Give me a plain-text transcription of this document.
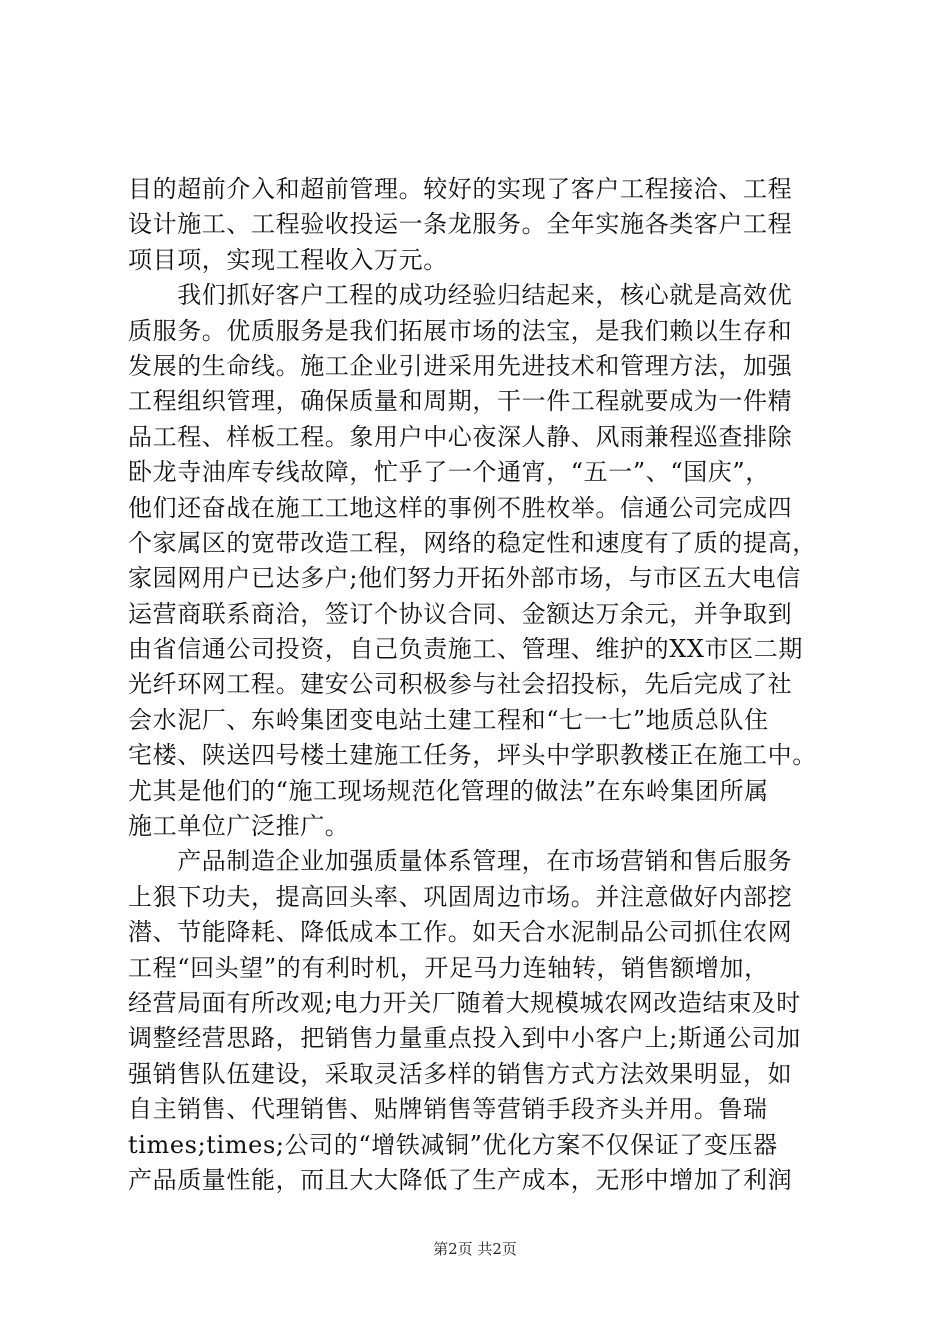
目的超前介入和超前管理。较好的实现了客户工程接洽、工程
设计施工、工程验收投运一条龙服务。全年实施各类客户工程
项目项，实现工程收入万元。
　　我们抓好客户工程的成功经验归结起来，核心就是高效优
质服务。优质服务是我们拓展市场的法宝，是我们赖以生存和
发展的生命线。施工企业引进采用先进技术和管理方法，加强
工程组织管理，确保质量和周期，干一件工程就要成为一件精
品工程、样板工程。象用户中心夜深人静、风雨兼程巡查排除
卧龙寺油库专线故障，忙乎了一个通宵，“五一”、“国庆”，
他们还奋战在施工工地这样的事例不胜枚举。信通公司完成四
个家属区的宽带改造工程，网络的稳定性和速度有了质的提高，
家园网用户已达多户;他们努力开拓外部市场，与市区五大电信
运营商联系商洽，签订个协议合同、金额达万余元，并争取到
由省信通公司投资，自己负责施工、管理、维护的XX市区二期
光纤环网工程。建安公司积极参与社会招投标，先后完成了社
会水泥厂、东岭集团变电站土建工程和“七一七”地质总队住
宅楼、陕送四号楼土建施工任务，坪头中学职教楼正在施工中。
尤其是他们的“施工现场规范化管理的做法”在东岭集团所属
施工单位广泛推广。
　　产品制造企业加强质量体系管理，在市场营销和售后服务
上狠下功夫，提高回头率、巩固周边市场。并注意做好内部挖
潜、节能降耗、降低成本工作。如天合水泥制品公司抓住农网
工程“回头望”的有利时机，开足马力连轴转，销售额增加，
经营局面有所改观;电力开关厂随着大规模城农网改造结束及时
调整经营思路，把销售力量重点投入到中小客户上;斯通公司加
强销售队伍建设，采取灵活多样的销售方式方法效果明显，如
自主销售、代理销售、贴牌销售等营销手段齐头并用。鲁瑞
times;times;公司的“增铁减铜”优化方案不仅保证了变压器
产品质量性能，而且大大降低了生产成本，无形中增加了利润
第2页 共2页
